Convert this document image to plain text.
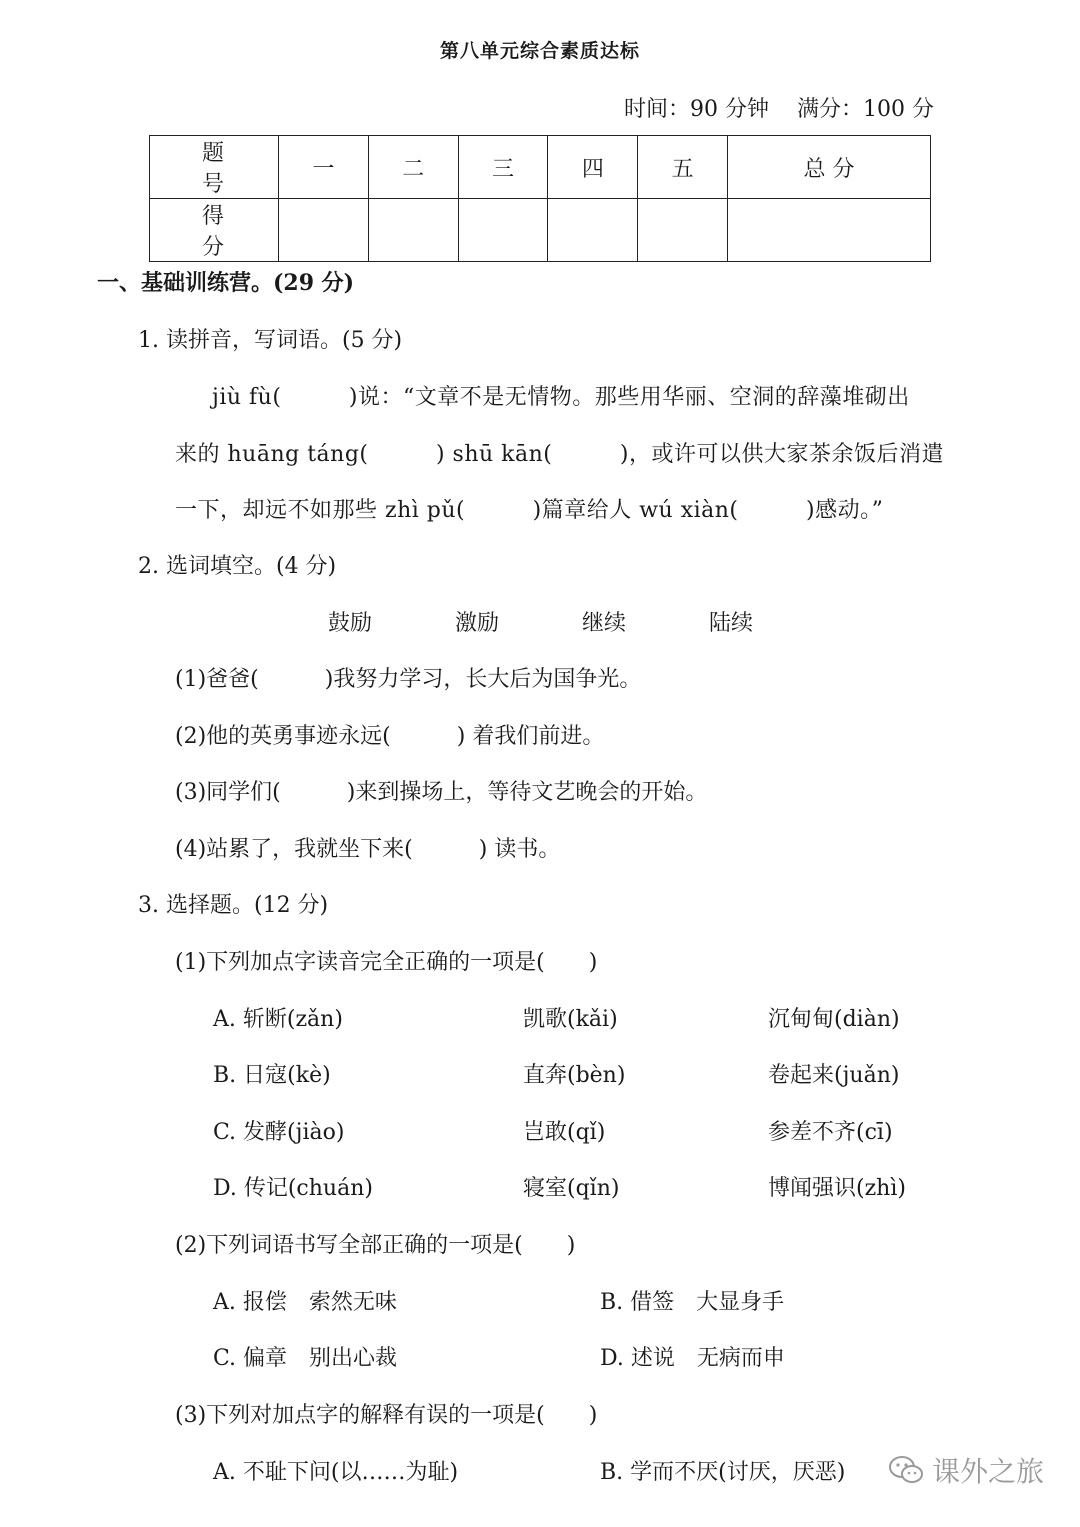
第八单元综合素质达标
时间：90 分钟 满分：100 分
题 号	一	二	三	四	五	总 分
得 分						
一、基础训练营。(29 分)
1. 读拼音，写词语。(5 分)
jiù fù(　　　)说：“文章不是无情物。那些用华丽、空洞的辞藻堆砌出
来的 huāng táng(　　　) shū kān(　　　)，或许可以供大家茶余饭后消遣
一下，却远不如那些 zhì pǔ(　　　)篇章给人 wú xiàn(　　　)感动。”
2. 选词填空。(4 分)
鼓励	激励	继续	陆续
(1)爸爸(　　　)我努力学习，长大后为国争光。
(2)他的英勇事迹永远(　　　) 着我们前进。
(3)同学们(　　　)来到操场上，等待文艺晚会的开始。
(4)站累了，我就坐下来(　　　) 读书。
3. 选择题。(12 分)
(1)下列加点字读音完全正确的一项是(　　)
A. 斩断(zǎn)	凯歌(kǎi)	沉甸甸(diàn)
B. 日寇(kè)	直奔(bèn)	卷起来(juǎn)
C. 发酵(jiào)	岂敢(qǐ)	参差不齐(cī)
D. 传记(chuán)	寝室(qǐn)	博闻强识(zhì)
(2)下列词语书写全部正确的一项是(　　)
A. 报偿　索然无味	B. 借签　大显身手
C. 偏章　别出心裁	D. 述说　无病而申
(3)下列对加点字的解释有误的一项是(　　)
A. 不耻下问(以……为耻)	B. 学而不厌(讨厌，厌恶)	课外之旅
